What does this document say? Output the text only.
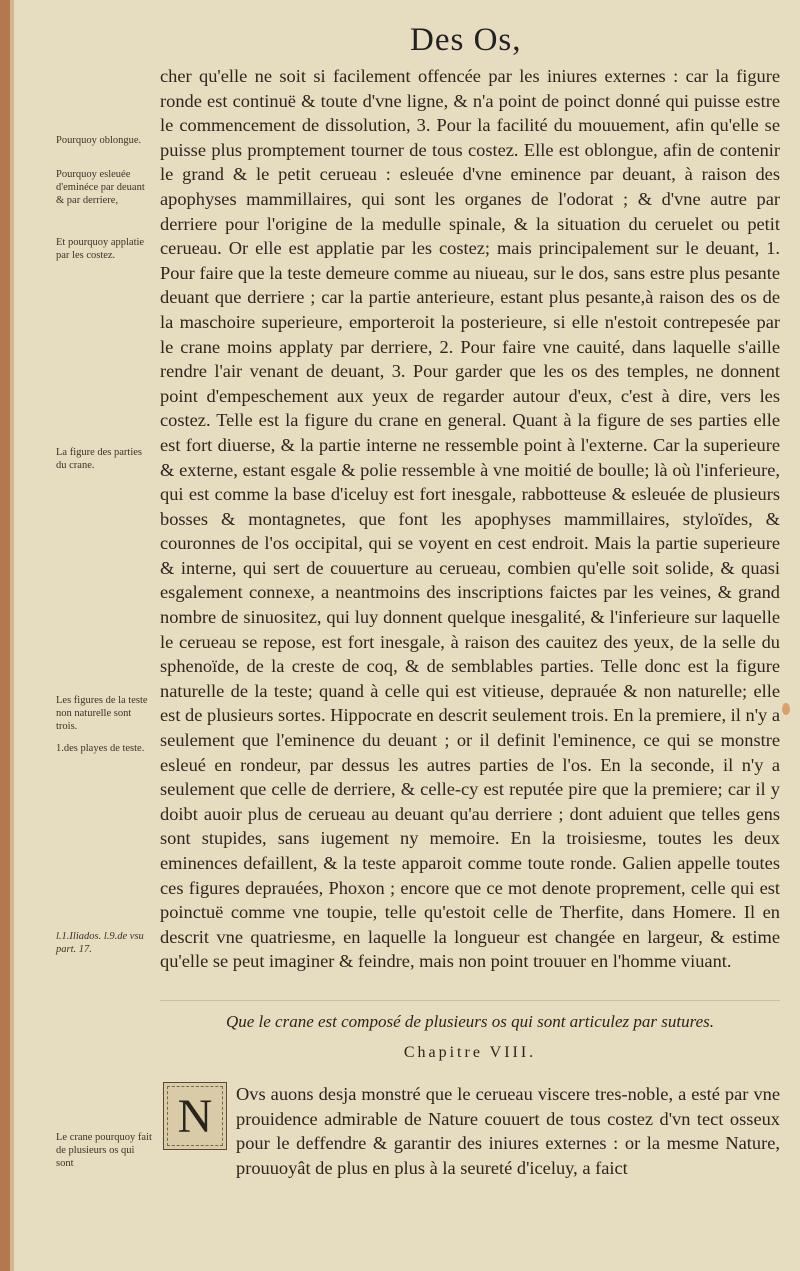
Des Os,

cher qu'elle ne soit si facilement offencée par les iniures externes : car la figure ronde est continuë & toute d'vne ligne, & n'a point de poinct donné qui puisse estre le commencement de dissolution, 3. Pour la facilité du mouuement, afin qu'elle se puisse plus promptement tourner de tous costez. Elle est oblongue, afin de contenir le grand & le petit cerueau : esleuée d'vne eminence par deuant, à raison des apophyses mammillaires, qui sont les organes de l'odorat ; & d'vne autre par derriere pour l'origine de la medulle spinale, & la situation du ceruelet ou petit cerueau. Or elle est applatie par les costez; mais principalement sur le deuant, 1. Pour faire que la teste demeure comme au niueau, sur le dos, sans estre plus pesante deuant que derriere ; car la partie anterieure, estant plus pesante,à raison des os de la maschoire superieure, emporteroit la posterieure, si elle n'estoit contrepesée par le crane moins applaty par derriere, 2. Pour faire vne cauité, dans laquelle s'aille rendre l'air venant de deuant, 3. Pour garder que les os des temples, ne donnent point d'empeschement aux yeux de regarder autour d'eux, c'est à dire, vers les costez. Telle est la figure du crane en general. Quant à la figure de ses parties elle est fort diuerse, & la partie interne ne ressemble point à l'externe. Car la superieure & externe, estant esgale & polie ressemble à vne moitié de boulle; là où l'inferieure, qui est comme la base d'iceluy est fort inesgale, rabbotteuse & esleuée de plusieurs bosses & montagnetes, que font les apophyses mammillaires, styloïdes, & couronnes de l'os occipital, qui se voyent en cest endroit. Mais la partie superieure & interne, qui sert de couuerture au cerueau, combien qu'elle soit solide, & quasi esgalement connexe, a neantmoins des inscriptions faictes par les veines, & grand nombre de sinuositez, qui luy donnent quelque inesgalité, & l'inferieure sur laquelle le cerueau se repose, est fort inesgale, à raison des cauitez des yeux, de la selle du sphenoïde, de la creste de coq, & de semblables parties. Telle donc est la figure naturelle de la teste; quand à celle qui est vitieuse, deprauée & non naturelle; elle est de plusieurs sortes. Hippocrate en descrit seulement trois. En la premiere, il n'y a seulement que l'eminence du deuant ; or il definit l'eminence, ce qui se monstre esleué en rondeur, par dessus les autres parties de l'os. En la seconde, il n'y a seulement que celle de derriere, & celle-cy est reputée pire que la premiere; car il y doibt auoir plus de cerueau au deuant qu'au derriere ; dont aduient que telles gens sont stupides, sans iugement ny memoire. En la troisiesme, toutes les deux eminences defaillent, & la teste apparoit comme toute ronde. Galien appelle toutes ces figures deprauées, Phoxon ; encore que ce mot denote proprement, celle qui est poinctuë comme vne toupie, telle qu'estoit celle de Therfite, dans Homere. Il en descrit vne quatriesme, en laquelle la longueur est changée en largeur, & estime qu'elle se peut imaginer & feindre, mais non point trouuer en l'homme viuant.

Pourquoy oblongue.
Pourquoy esleuée d'eminéce par deuant & par derriere,
Et pourquoy applatie par les costez.
La figure des parties du crane.
Les figures de la teste non naturelle sont trois.
1.des playes de teste.
l.1.Iliados. l.9.de vsu part. 17.
Le crane pourquoy fait de plusieurs os qui sont
Que le crane est composé de plusieurs os qui sont articulez par sutures.
Chapitre VIII.
N Ovs auons desja monstré que le cerueau viscere tres-noble, a esté par vne prouidence admirable de Nature couuert de tous costez d'vn tect osseux pour le deffendre & garantir des iniures externes : or la mesme Nature, prouuoyât de plus en plus à la seureté d'iceluy, a faict
